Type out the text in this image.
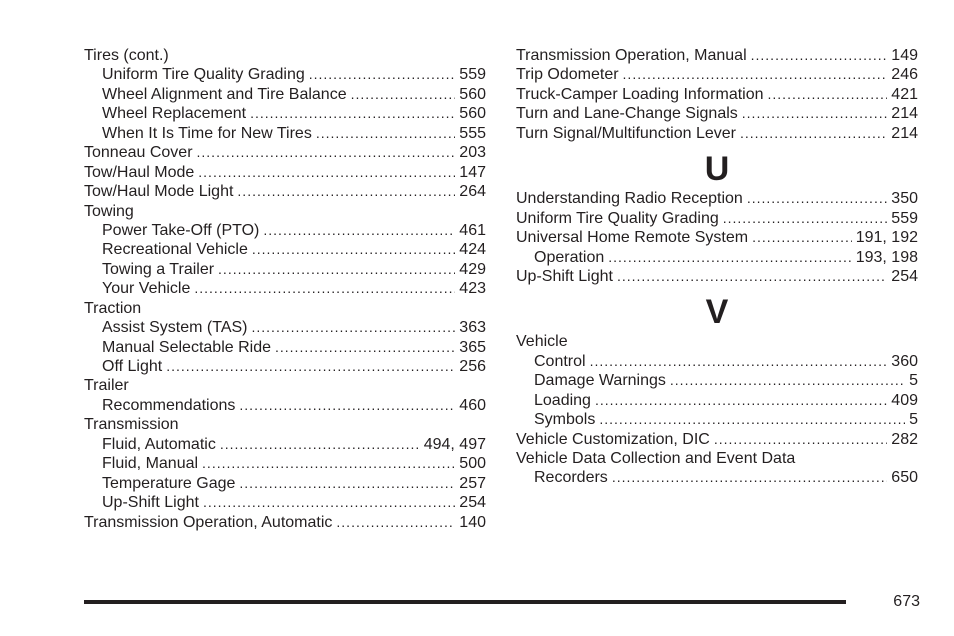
Tires (cont.)
Uniform Tire Quality Grading .....	559
Wheel Alignment and Tire Balance .....	560
Wheel Replacement .....	560
When It Is Time for New Tires .....	555
Tonneau Cover .....	203
Tow/Haul Mode .....	147
Tow/Haul Mode Light .....	264
Towing
Power Take-Off (PTO) .....	461
Recreational Vehicle .....	424
Towing a Trailer .....	429
Your Vehicle .....	423
Traction
Assist System (TAS) .....	363
Manual Selectable Ride .....	365
Off Light .....	256
Trailer
Recommendations .....	460
Transmission
Fluid, Automatic .....	494, 497
Fluid, Manual .....	500
Temperature Gage .....	257
Up-Shift Light .....	254
Transmission Operation, Automatic .....	140
Transmission Operation, Manual .....	149
Trip Odometer .....	246
Truck-Camper Loading Information .....	421
Turn and Lane-Change Signals .....	214
Turn Signal/Multifunction Lever .....	214
U
Understanding Radio Reception .....	350
Uniform Tire Quality Grading .....	559
Universal Home Remote System .....	191, 192
Operation .....	193, 198
Up-Shift Light .....	254
V
Vehicle
Control .....	360
Damage Warnings .....	5
Loading .....	409
Symbols .....	5
Vehicle Customization, DIC .....	282
Vehicle Data Collection and Event Data
Recorders .....	650
673
